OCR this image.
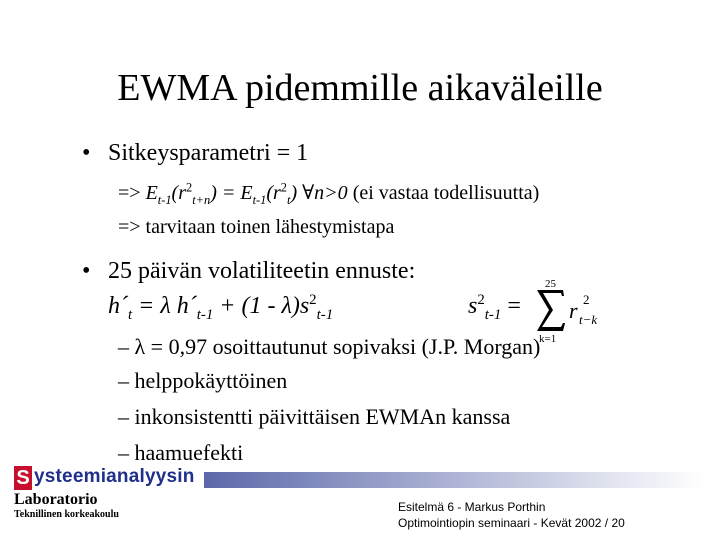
EWMA pidemmille aikaväleille
• Sitkeysparametri = 1
=> $E_{t-1}(r^2_{t+n}) = E_{t-1}(r^2_t)$ ∀n>0 (ei vastaa todellisuutta)
=> tarvitaan toinen lähestymistapa
• 25 päivän volatiliteetin ennuste:
$h´_t = \lambda$ $h´_{t-1} + (1 - \lambda)s^2_{t-1}$	$s^2_{t-1}$ =
25
k=1
r 2
t−k
– λ = 0,97 osoittautunut sopivaksi (J.P. Morgan)
– helppokäyttöinen
– inkonsistentti päivittäisen EWMAn kanssa
– haamuefekti
S ysteemianalyysin
Laboratorio
Teknillinen korkeakoulu
Esitelmä 6 - Markus Porthin
Optimointiopin seminaari - Kevät 2002 / 20
